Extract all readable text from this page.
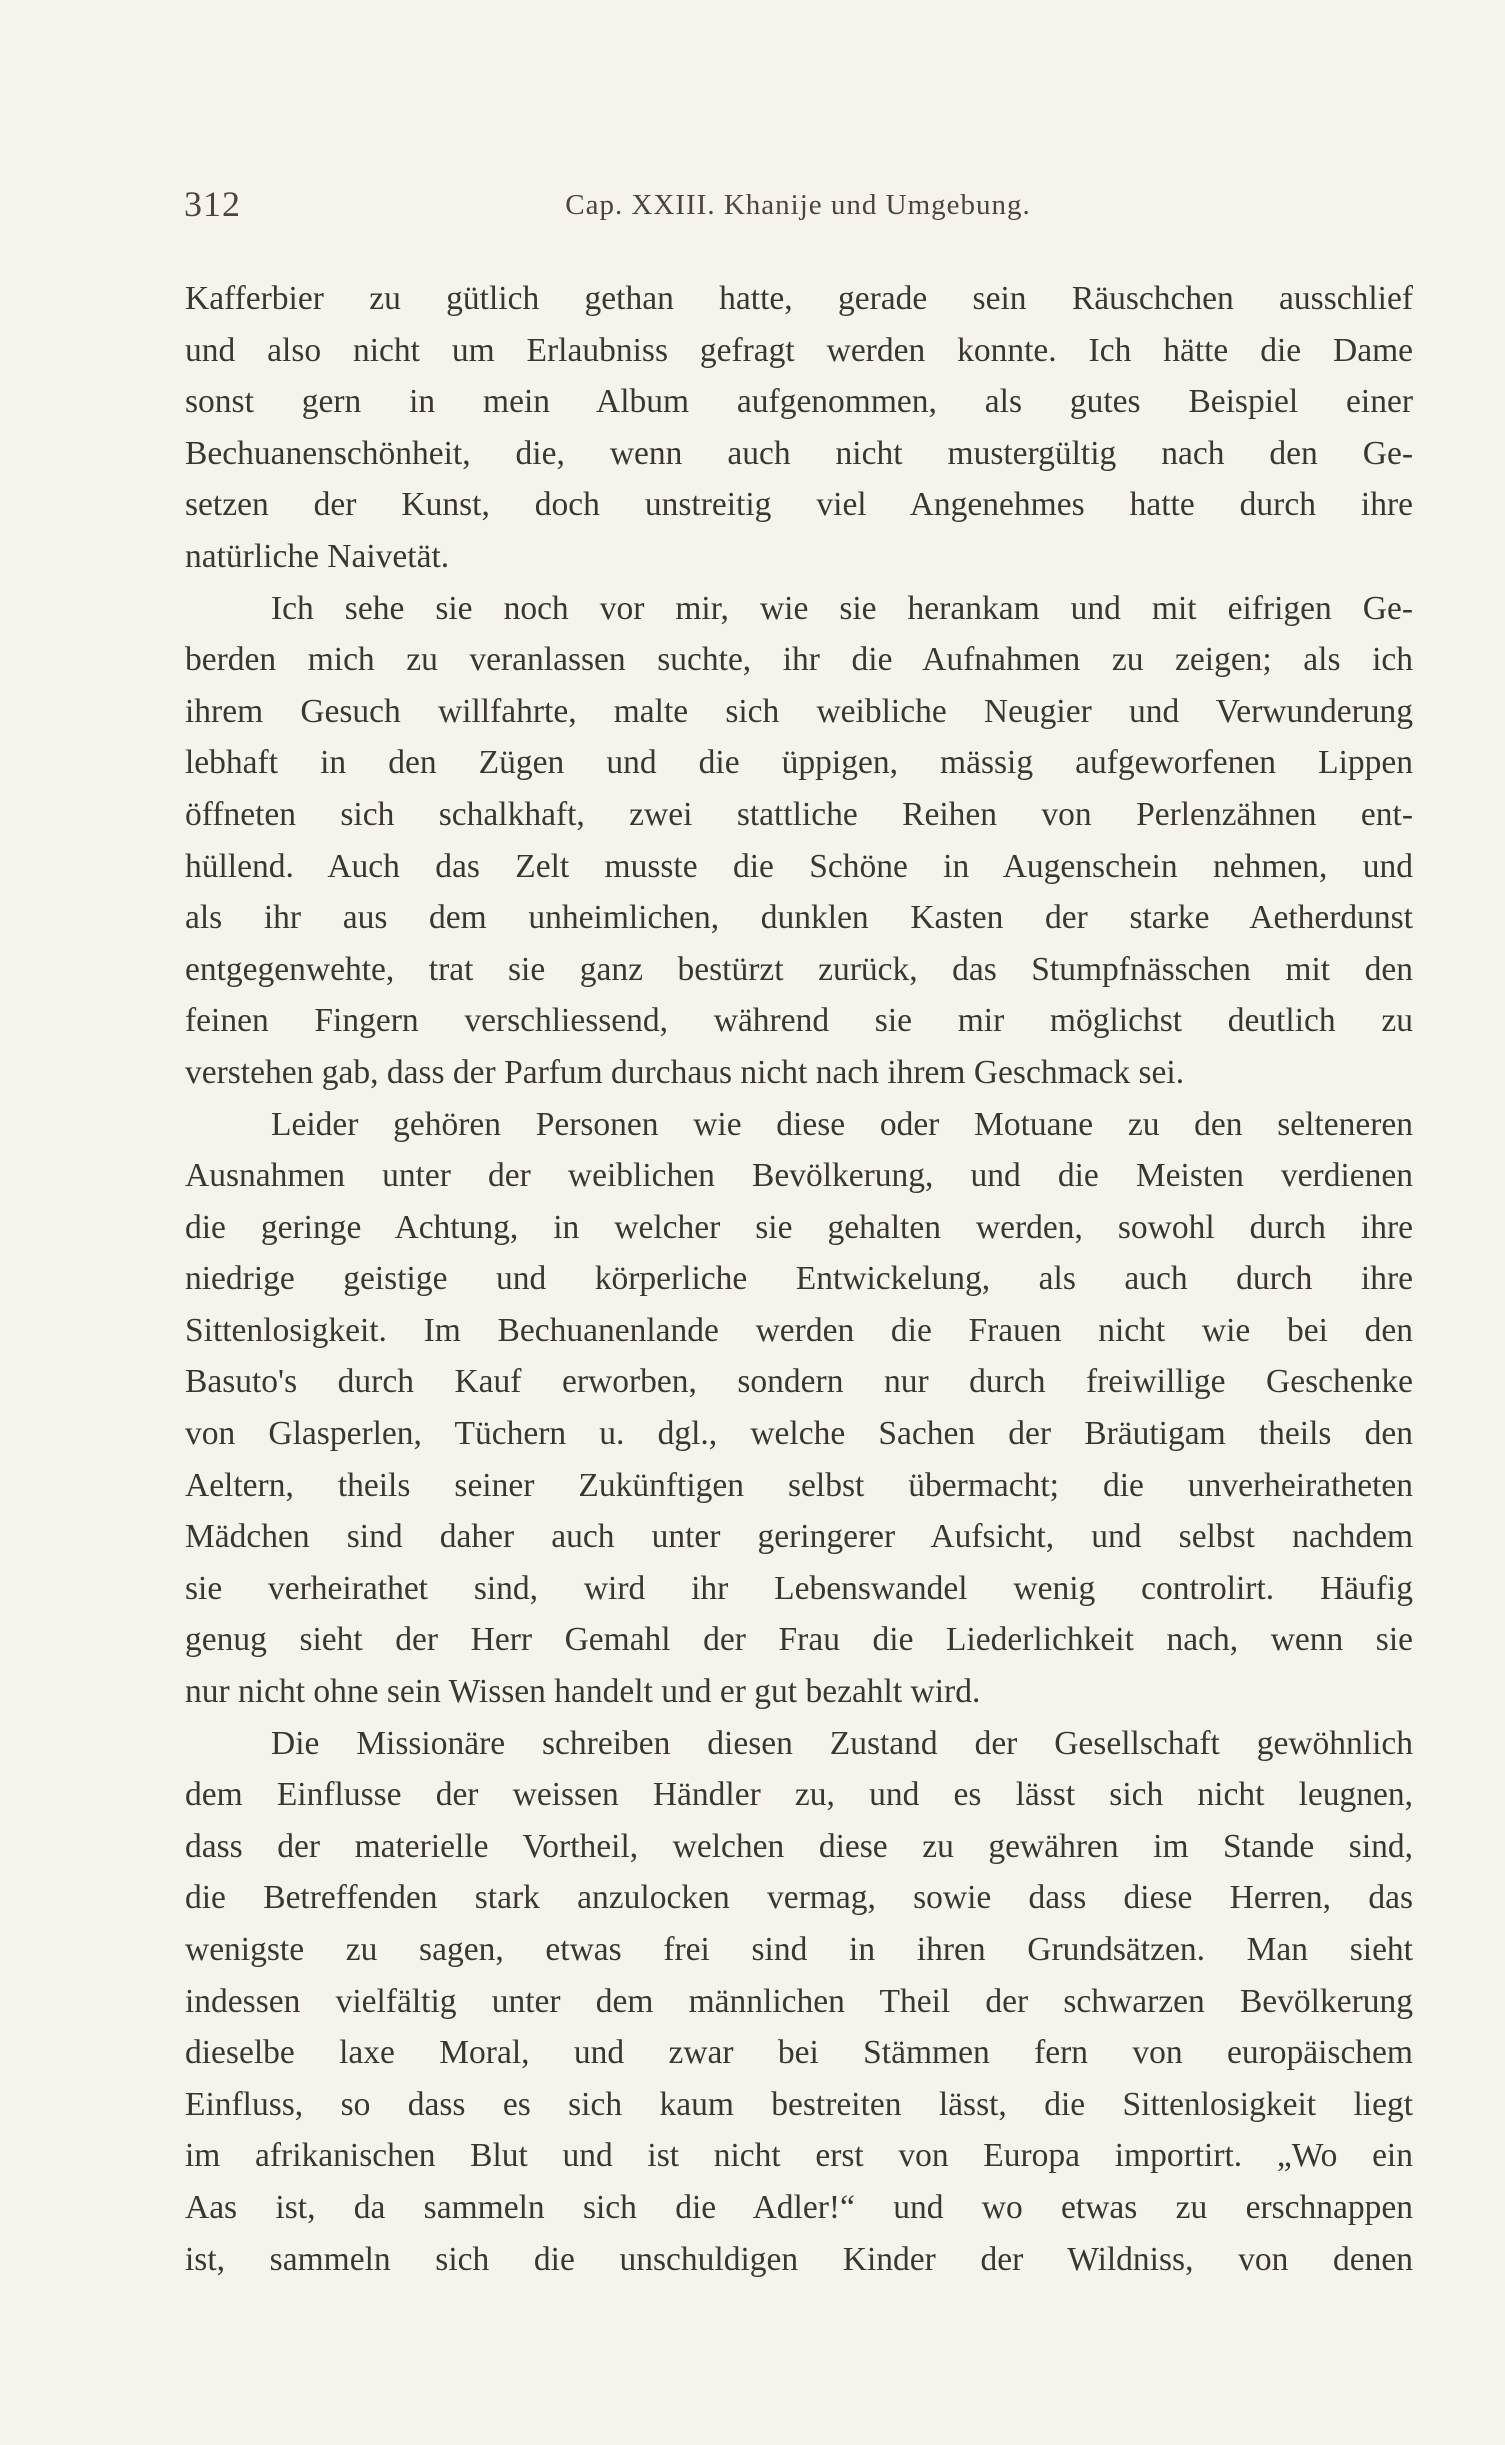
312	Cap. XXIII. Khanije und Umgebung.
Kafferbier zu gütlich gethan hatte, gerade sein Räuschchen ausschlief
und also nicht um Erlaubniss gefragt werden konnte. Ich hätte die Dame
sonst gern in mein Album aufgenommen, als gutes Beispiel einer
Bechuanenschönheit, die, wenn auch nicht mustergültig nach den Ge-
setzen der Kunst, doch unstreitig viel Angenehmes hatte durch ihre
natürliche Naivetät.
Ich sehe sie noch vor mir, wie sie herankam und mit eifrigen Ge-
berden mich zu veranlassen suchte, ihr die Aufnahmen zu zeigen; als ich
ihrem Gesuch willfahrte, malte sich weibliche Neugier und Verwunderung
lebhaft in den Zügen und die üppigen, mässig aufgeworfenen Lippen
öffneten sich schalkhaft, zwei stattliche Reihen von Perlenzähnen ent-
hüllend. Auch das Zelt musste die Schöne in Augenschein nehmen, und
als ihr aus dem unheimlichen, dunklen Kasten der starke Aetherdunst
entgegenwehte, trat sie ganz bestürzt zurück, das Stumpfnässchen mit den
feinen Fingern verschliessend, während sie mir möglichst deutlich zu
verstehen gab, dass der Parfum durchaus nicht nach ihrem Geschmack sei.
Leider gehören Personen wie diese oder Motuane zu den selteneren
Ausnahmen unter der weiblichen Bevölkerung, und die Meisten verdienen
die geringe Achtung, in welcher sie gehalten werden, sowohl durch ihre
niedrige geistige und körperliche Entwickelung, als auch durch ihre
Sittenlosigkeit. Im Bechuanenlande werden die Frauen nicht wie bei den
Basuto's durch Kauf erworben, sondern nur durch freiwillige Geschenke
von Glasperlen, Tüchern u. dgl., welche Sachen der Bräutigam theils den
Aeltern, theils seiner Zukünftigen selbst übermacht; die unverheiratheten
Mädchen sind daher auch unter geringerer Aufsicht, und selbst nachdem
sie verheirathet sind, wird ihr Lebenswandel wenig controlirt. Häufig
genug sieht der Herr Gemahl der Frau die Liederlichkeit nach, wenn sie
nur nicht ohne sein Wissen handelt und er gut bezahlt wird.
Die Missionäre schreiben diesen Zustand der Gesellschaft gewöhnlich
dem Einflusse der weissen Händler zu, und es lässt sich nicht leugnen,
dass der materielle Vortheil, welchen diese zu gewähren im Stande sind,
die Betreffenden stark anzulocken vermag, sowie dass diese Herren, das
wenigste zu sagen, etwas frei sind in ihren Grundsätzen. Man sieht
indessen vielfältig unter dem männlichen Theil der schwarzen Bevölkerung
dieselbe laxe Moral, und zwar bei Stämmen fern von europäischem
Einfluss, so dass es sich kaum bestreiten lässt, die Sittenlosigkeit liegt
im afrikanischen Blut und ist nicht erst von Europa importirt. „Wo ein
Aas ist, da sammeln sich die Adler!“ und wo etwas zu erschnappen
ist, sammeln sich die unschuldigen Kinder der Wildniss, von denen
